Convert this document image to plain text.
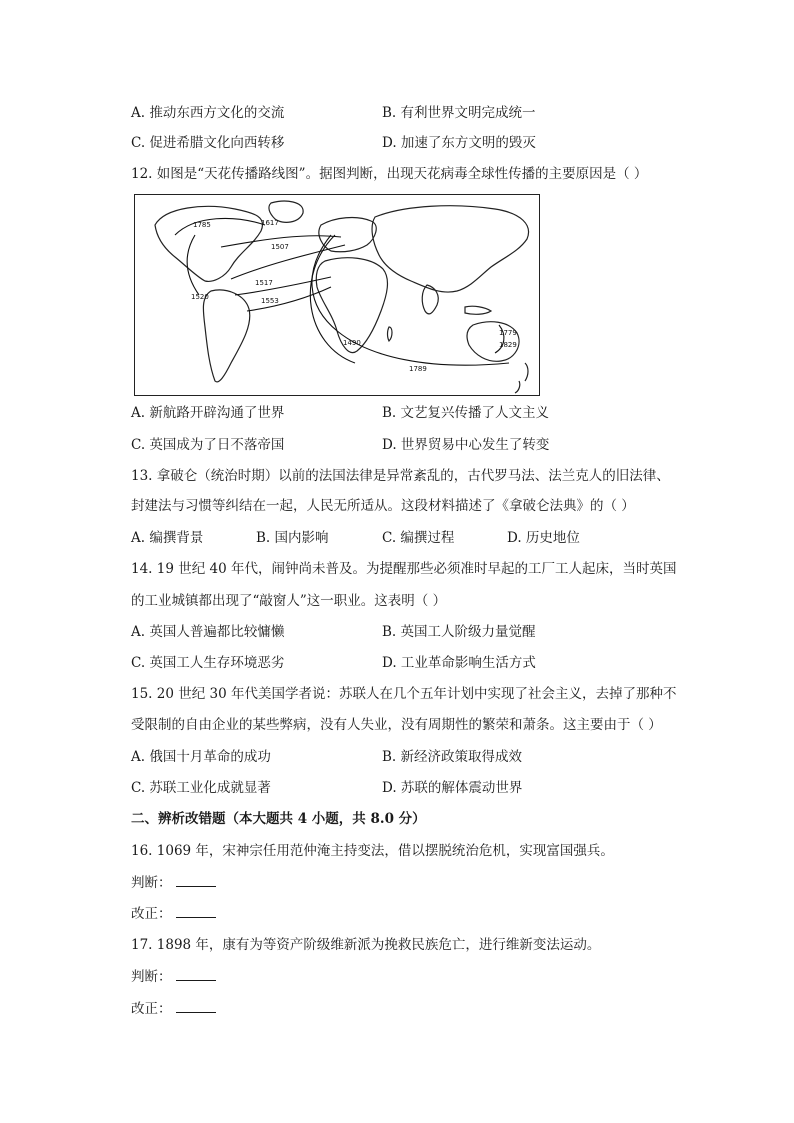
A. 推动东西方文化的交流	B. 有利世界文明完成统一
C. 促进希腊文化向西转移	D. 加速了东方文明的毁灭
12. 如图是“天花传播路线图”。据图判断，出现天花病毒全球性传播的主要原因是（ ）
1785	1617
1507
1517
1553
1520
1490
1789
1779
1829
A. 新航路开辟沟通了世界	B. 文艺复兴传播了人文主义
C. 英国成为了日不落帝国	D. 世界贸易中心发生了转变
13. 拿破仑（统治时期）以前的法国法律是异常紊乱的，古代罗马法、法兰克人的旧法律、
封建法与习惯等纠结在一起，人民无所适从。这段材料描述了《拿破仑法典》的（ ）
A. 编撰背景	B. 国内影响	C. 编撰过程	D. 历史地位
14. 19 世纪 40 年代，闹钟尚未普及。为提醒那些必须准时早起的工厂工人起床，当时英国
的工业城镇都出现了“敲窗人”这一职业。这表明（ ）
A. 英国人普遍都比较慵懒	B. 英国工人阶级力量觉醒
C. 英国工人生存环境恶劣	D. 工业革命影响生活方式
15. 20 世纪 30 年代美国学者说：苏联人在几个五年计划中实现了社会主义，去掉了那种不
受限制的自由企业的某些弊病，没有人失业，没有周期性的繁荣和萧条。这主要由于（ ）
A. 俄国十月革命的成功	B. 新经济政策取得成效
C. 苏联工业化成就显著	D. 苏联的解体震动世界
二、辨析改错题（本大题共 4 小题，共 8.0 分）
16. 1069 年，宋神宗任用范仲淹主持变法，借以摆脱统治危机，实现富国强兵。
判断：
改正：
17. 1898 年，康有为等资产阶级维新派为挽救民族危亡，进行维新变法运动。
判断：
改正：
